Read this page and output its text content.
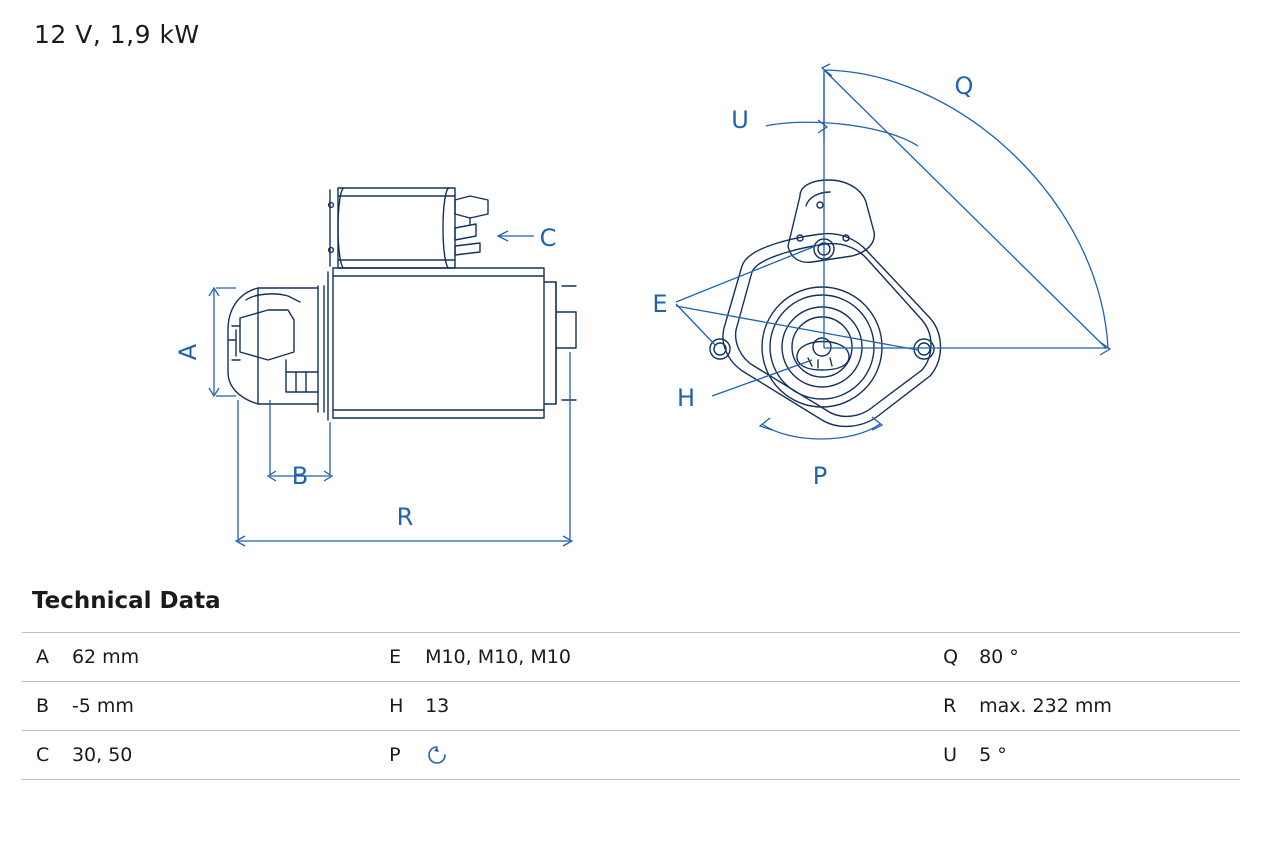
12 V, 1,9 kW
A
B
R
C
E
H
P
Q
U
Technical Data
A	62 mm	E	M10, M10, M10	Q	80 °
B	-5 mm	H	13	R	max. 232 mm
C	30, 50	P		U	5 °
